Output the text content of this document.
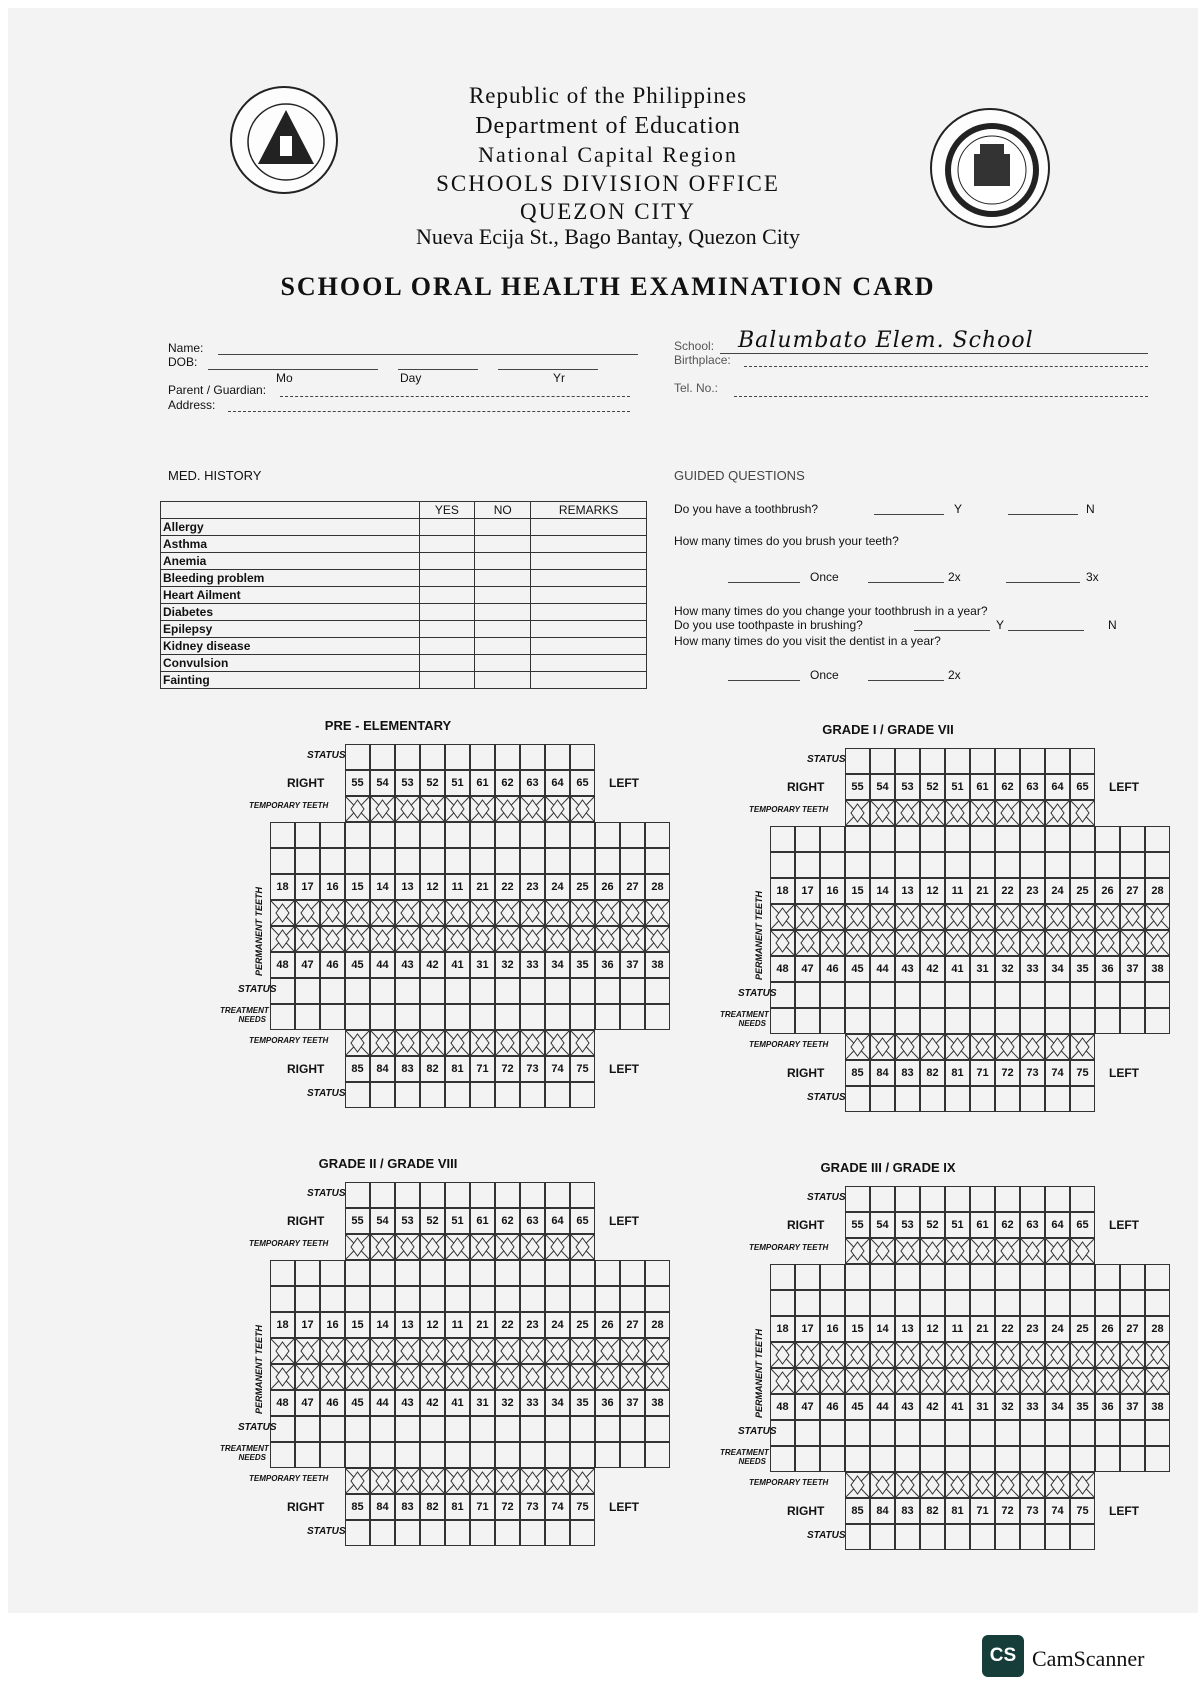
Republic of the Philippines
Department of Education
National Capital Region
SCHOOLS DIVISION OFFICE
QUEZON CITY
Nueva Ecija St., Bago Bantay, Quezon City
SCHOOL ORAL HEALTH EXAMINATION CARD
Name:
DOB:
Mo	Day	Yr
Parent / Guardian:
Address:
School: Balumbato Elem. School
Birthplace:
Tel. No.:
MED. HISTORY
	YES	NO	REMARKS
Allergy			
Asthma			
Anemia			
Bleeding problem			
Heart Ailment			
Diabetes			
Epilepsy			
Kidney disease			
Convulsion			
Fainting			
GUIDED QUESTIONS
Do you have a toothbrush?	Y	N
How many times do you brush your teeth?
Once	2x	3x
How many times do you change your toothbrush in a year?
Do you use toothpaste in brushing?	Y	N
How many times do you visit the dentist in a year?
Once	2x
PRE - ELEMENTARY
55	54	53	52	51	61	62	63	64	65
18	17	16	15	14	13	12	11	21	22	23	24	25	26	27	28
48	47	46	45	44	43	42	41	31	32	33	34	35	36	37	38
85	84	83	82	81	71	72	73	74	75
STATUS
RIGHT	LEFT
TEMPORARY TEETH
PERMANENT TEETH
STATUS
TREATMENT NEEDS
TEMPORARY TEETH
RIGHT	LEFT
STATUS
GRADE I / GRADE VII
55	54	53	52	51	61	62	63	64	65
18	17	16	15	14	13	12	11	21	22	23	24	25	26	27	28
48	47	46	45	44	43	42	41	31	32	33	34	35	36	37	38
85	84	83	82	81	71	72	73	74	75
STATUS
RIGHT	LEFT
TEMPORARY TEETH
PERMANENT TEETH
STATUS
TREATMENT NEEDS
TEMPORARY TEETH
RIGHT	LEFT
STATUS
GRADE II / GRADE VIII
55	54	53	52	51	61	62	63	64	65
18	17	16	15	14	13	12	11	21	22	23	24	25	26	27	28
48	47	46	45	44	43	42	41	31	32	33	34	35	36	37	38
85	84	83	82	81	71	72	73	74	75
STATUS
RIGHT	LEFT
TEMPORARY TEETH
PERMANENT TEETH
STATUS
TREATMENT NEEDS
TEMPORARY TEETH
RIGHT	LEFT
STATUS
GRADE III / GRADE IX
55	54	53	52	51	61	62	63	64	65
18	17	16	15	14	13	12	11	21	22	23	24	25	26	27	28
48	47	46	45	44	43	42	41	31	32	33	34	35	36	37	38
85	84	83	82	81	71	72	73	74	75
STATUS
RIGHT	LEFT
TEMPORARY TEETH
PERMANENT TEETH
STATUS
TREATMENT NEEDS
TEMPORARY TEETH
RIGHT	LEFT
STATUS
CS CamScanner
